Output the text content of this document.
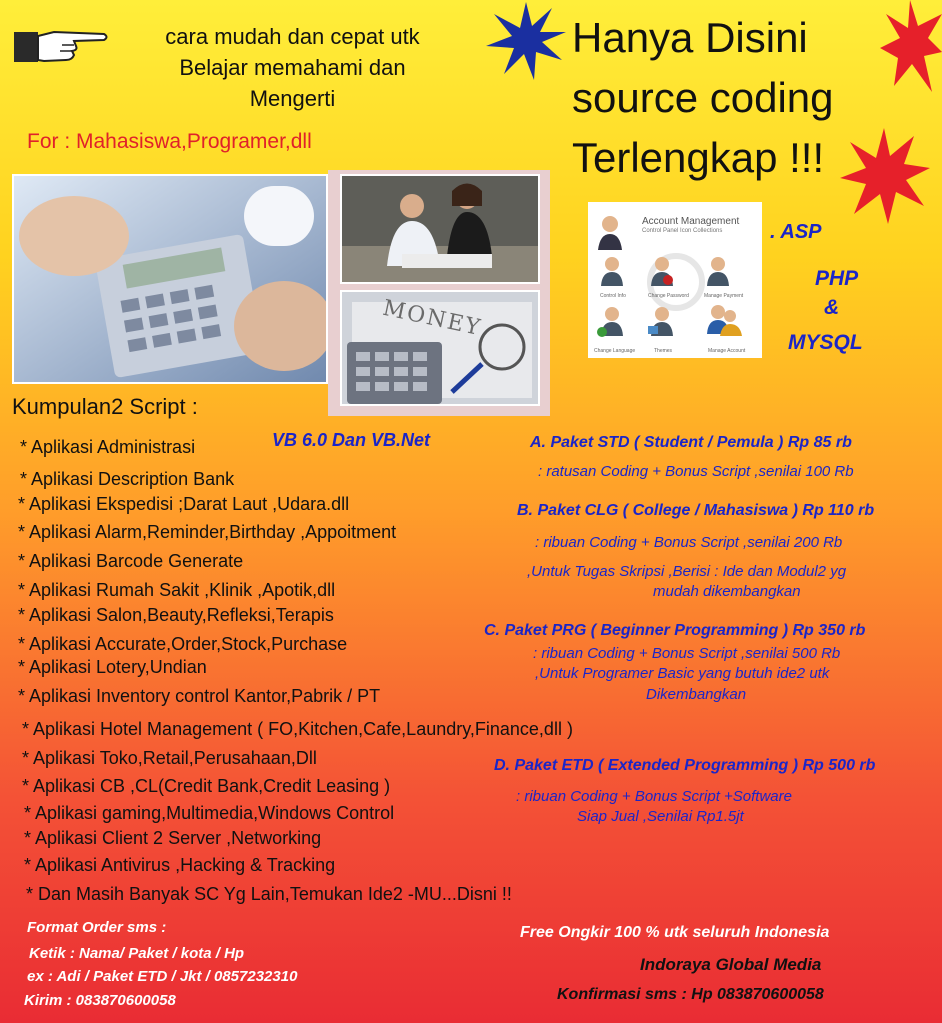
cara mudah dan cepat utk
Belajar memahami dan
Mengerti
For : Mahasiswa,Programer,dll
Hanya Disini
source coding
Terlengkap !!!
MONEY
Account Management
Control Panel Icon Collections
Control Info	Change Password	Manage Payment
Change Language	Themes	Manage Account
. ASP
PHP
&
MYSQL
Kumpulan2 Script :
VB 6.0 Dan VB.Net
* Aplikasi Administrasi
* Aplikasi Description Bank
* Aplikasi Ekspedisi ;Darat Laut ,Udara.dll
* Aplikasi Alarm,Reminder,Birthday ,Appoitment
* Aplikasi Barcode Generate
* Aplikasi Rumah Sakit ,Klinik ,Apotik,dll
* Aplikasi Salon,Beauty,Refleksi,Terapis
* Aplikasi Accurate,Order,Stock,Purchase
* Aplikasi Lotery,Undian
* Aplikasi Inventory control Kantor,Pabrik / PT
* Aplikasi Hotel Management ( FO,Kitchen,Cafe,Laundry,Finance,dll )
* Aplikasi Toko,Retail,Perusahaan,Dll
* Aplikasi CB ,CL(Credit Bank,Credit Leasing )
* Aplikasi gaming,Multimedia,Windows Control
* Aplikasi Client 2 Server ,Networking
* Aplikasi Antivirus ,Hacking & Tracking
* Dan Masih Banyak SC Yg Lain,Temukan Ide2 -MU...Disni !!
A. Paket STD ( Student / Pemula ) Rp 85 rb
: ratusan Coding + Bonus Script ,senilai 100 Rb
B. Paket CLG ( College / Mahasiswa ) Rp 110 rb
: ribuan Coding + Bonus Script ,senilai 200 Rb
,Untuk Tugas Skripsi ,Berisi : Ide dan Modul2 yg
mudah dikembangkan
C. Paket PRG ( Beginner Programming ) Rp 350 rb
: ribuan Coding + Bonus Script ,senilai 500 Rb
,Untuk Programer Basic yang butuh ide2 utk
Dikembangkan
D. Paket ETD ( Extended Programming ) Rp 500 rb
: ribuan Coding + Bonus Script +Software
Siap Jual ,Senilai Rp1.5jt
Format Order sms :
Ketik : Nama/ Paket / kota / Hp
ex : Adi / Paket ETD / Jkt / 0857232310
Kirim : 083870600058
Free Ongkir 100 % utk seluruh Indonesia
Indoraya Global Media
Konfirmasi sms : Hp 083870600058
